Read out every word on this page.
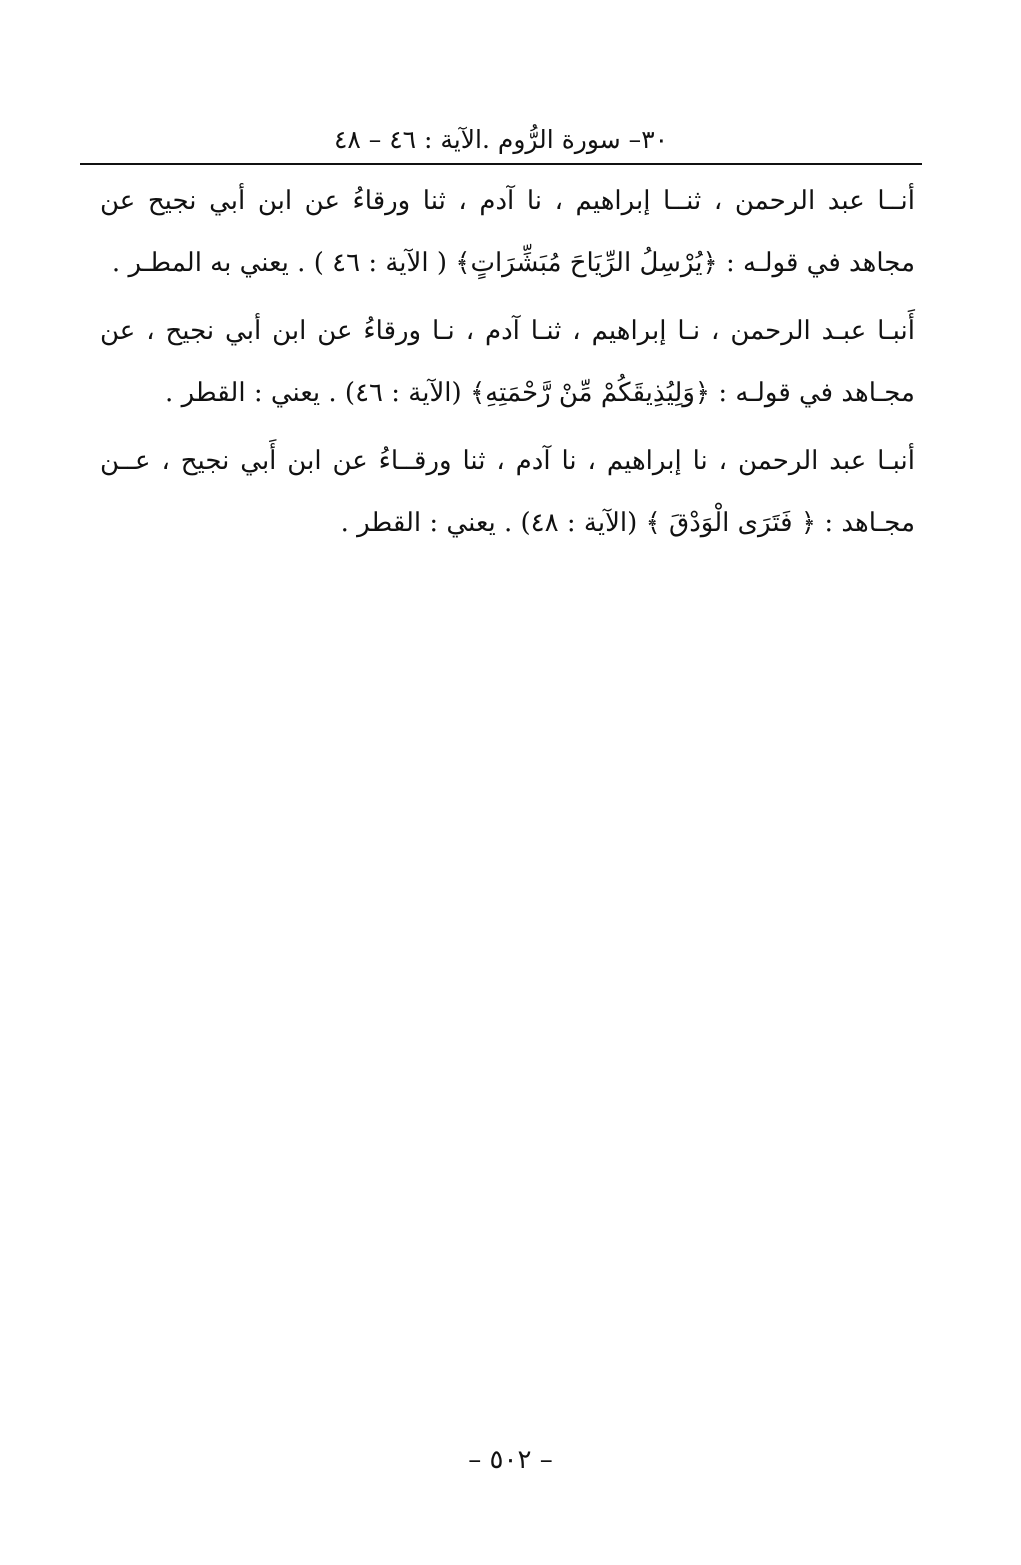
٣٠– سورة الرُّوم .الآية : ٤٦ – ٤٨

أنــا عبد الرحمن ، ثنــا إبراهيم ، نا آدم ، ثنا ورقاءُ عن ابن أبي نجيح عن مجاهد في قولـه : ﴿يُرْسِلُ الرِّيَاحَ مُبَشِّرَاتٍ﴾ ( الآية : ٤٦ ) . يعني به المطـر .

أَنبـا عبـد الرحمن ، نـا إبراهيم ، ثنـا آدم ، نـا ورقاءُ عن ابن أبي نجيح ، عن مجـاهد في قولـه : ﴿وَلِيُذِيقَكُمْ مِّنْ رَّحْمَتِهِ﴾ (الآية : ٤٦) . يعني : القطر .

أنبـا عبد الرحمن ، نا إبراهيم ، نا آدم ، ثنا ورقــاءُ عن ابن أَبي نجيح ، عــن مجـاهد : ﴿ فَتَرَى الْوَدْقَ ﴾ (الآية : ٤٨) . يعني : القطر .

– ٥٠٢ –
